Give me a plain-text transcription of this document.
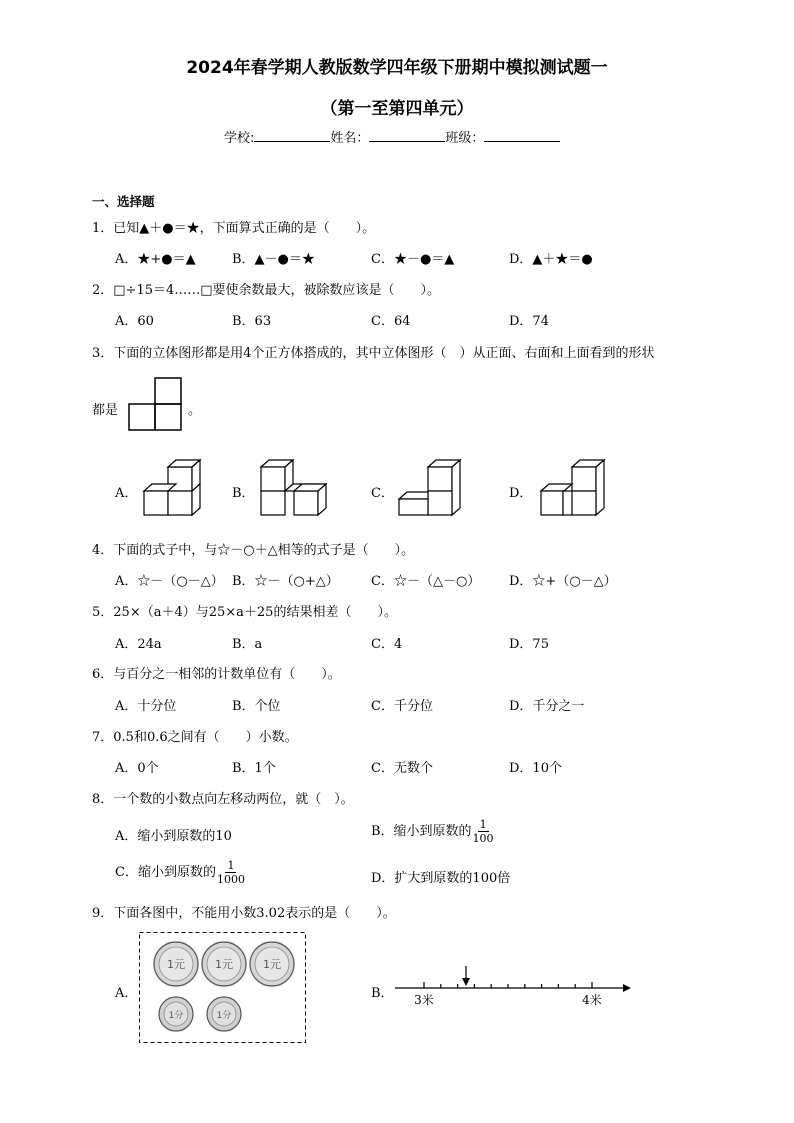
2024年春学期人教版数学四年级下册期中模拟测试题一
（第一至第四单元）
学校:	姓名：	班级：
一、选择题
1．已知▲＋●＝★，下面算式正确的是（　　）。
A．★+●＝▲	B．▲－●＝★	C．★－●＝▲	D．▲＋★＝●
2．□÷15＝4……□要使余数最大，被除数应该是（　　）。
A．60	B．63	C．64	D．74
3．下面的立体图形都是用4个正方体搭成的，其中立体图形（　）从正面、右面和上面看到的形状
都是	。
A．	B．	C．	D．
4．下面的式子中，与☆－○＋△相等的式子是（　　）。
A．☆－（○－△） B．☆－（○+△） C．☆－（△－○） D．☆+（○－△）
5．25×（a＋4）与25×a＋25的结果相差（　　）。
A．24a	B．a	C．4	D．75
6．与百分之一相邻的计数单位有（　　）。
A．十分位	B．个位	C．千分位	D．千分之一
7．0.5和0.6之间有（　　）小数。
A．0个	B．1个	C．无数个	D．10个
8．一个数的小数点向左移动两位，就（　）。
A．缩小到原数的10	B．缩小到原数的 $\frac{1}{100}$
C．缩小到原数的 $\frac{1}{1000}$	D．扩大到原数的100倍
9．下面各图中，不能用小数3.02表示的是（　　）。
A．
1元	1元	1元
1分	1分
B． 3米	4米
